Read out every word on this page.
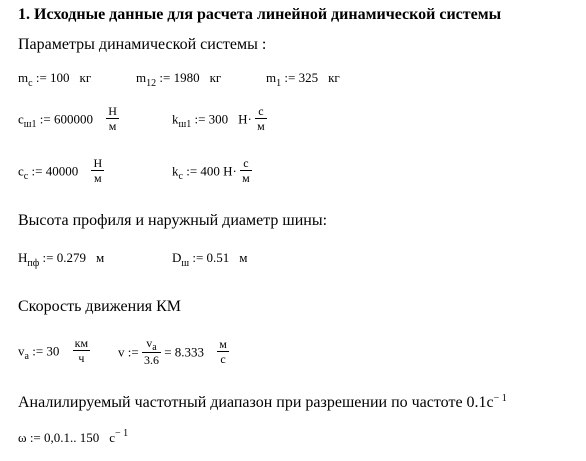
1. Исходные данные для расчета линейной динамической системы
Параметры динамической системы :
$m_c$ := 100 кг	$m_{12}$ := 1980 кг	$m_1$ := 325 кг
$c_{ш1}$ := $600000 \frac{Н}{м}$	$k_{ш1}$ := 300 $Н\cdot \frac{с}{м}$
$c_c$ := $40000 \frac{Н}{м}$	$k_c$ := 400 $Н\cdot \frac{с}{м}$
Высота профиля и наружный диаметр шины:
$H_{пф}$ := 0.279 м	$D_ш$ := 0.51 м
Скорость движения КМ
$v_a$ := $30 \frac{км}{ч}$ v := $\frac{v_a}{3.6} = 8.333 \frac{м}{с}$
Аналилируемый частотный диапазон при разрешении по частоте $0.1с^{- 1}$
ω := 0,0.1.. 150 $с^{- 1}$
